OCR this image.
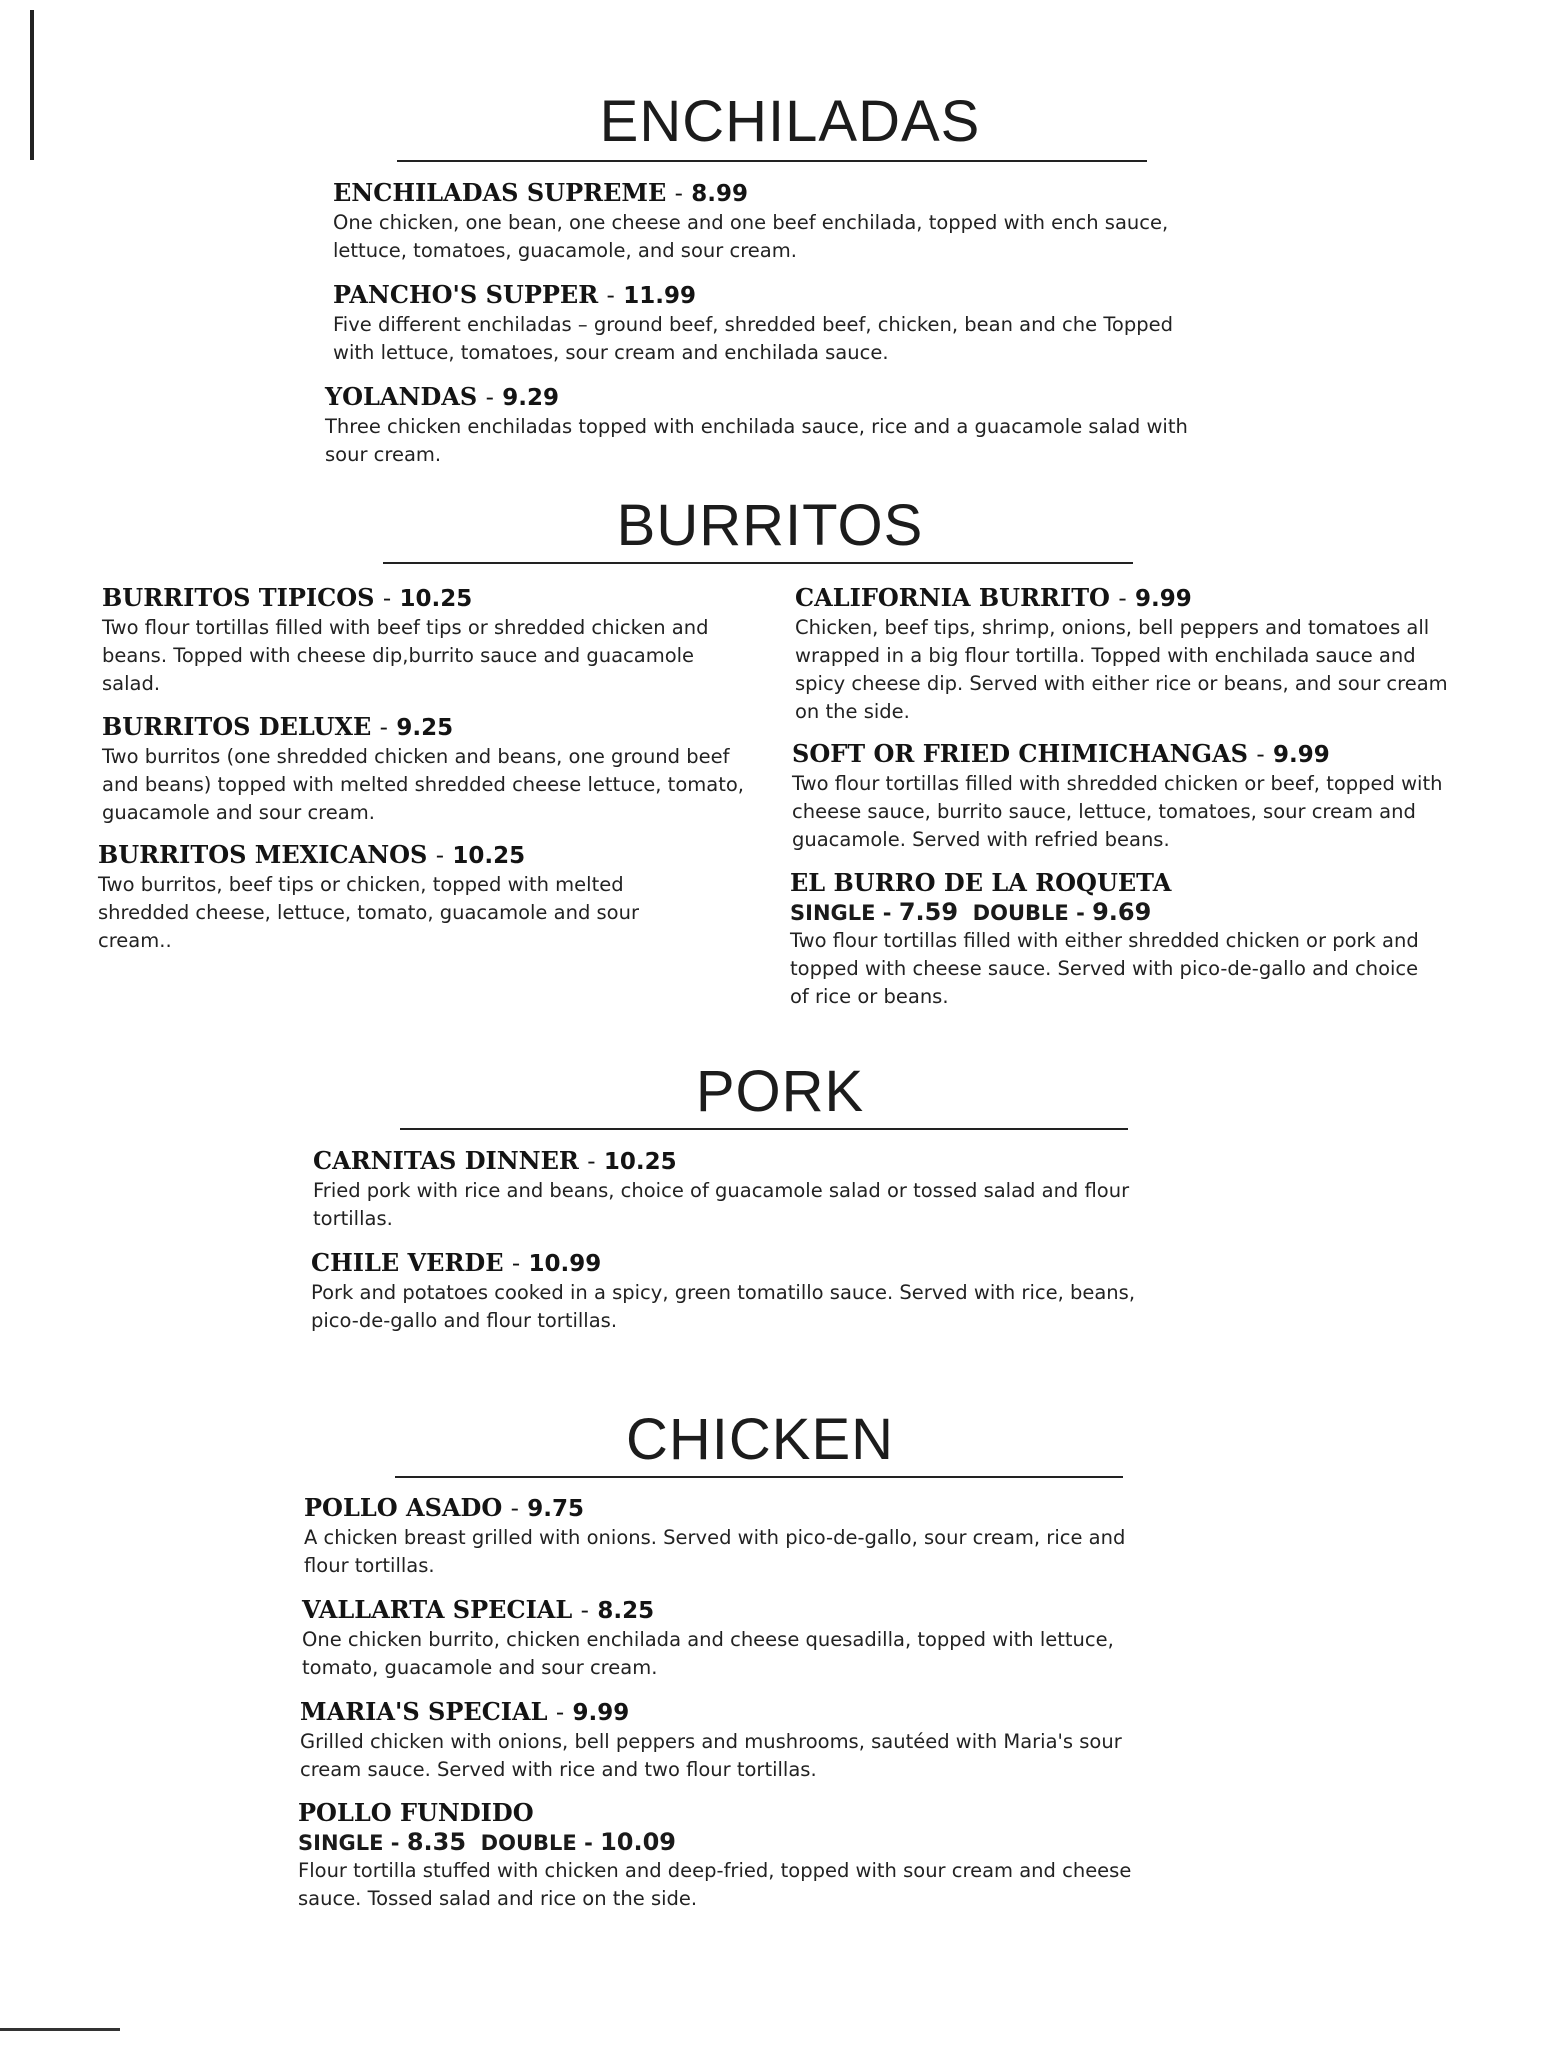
ENCHILADAS
ENCHILADAS SUPREME - 8.99
One chicken, one bean, one cheese and one beef enchilada, topped with ench sauce, lettuce, tomatoes, guacamole, and sour cream.
PANCHO'S SUPPER - 11.99
Five different enchiladas – ground beef, shredded beef, chicken, bean and che Topped with lettuce, tomatoes, sour cream and enchilada sauce.
YOLANDAS - 9.29
Three chicken enchiladas topped with enchilada sauce, rice and a guacamole salad with sour cream.
BURRITOS
BURRITOS TIPICOS - 10.25
Two flour tortillas filled with beef tips or shredded chicken and beans. Topped with cheese dip,burrito sauce and guacamole salad.
BURRITOS DELUXE - 9.25
Two burritos (one shredded chicken and beans, one ground beef and beans) topped with melted shredded cheese lettuce, tomato, guacamole and sour cream.
BURRITOS MEXICANOS - 10.25
Two burritos, beef tips or chicken, topped with melted shredded cheese, lettuce, tomato, guacamole and sour cream..
CALIFORNIA BURRITO - 9.99
Chicken, beef tips, shrimp, onions, bell peppers and tomatoes all wrapped in a big flour tortilla. Topped with enchilada sauce and spicy cheese dip. Served with either rice or beans, and sour cream on the side.
SOFT OR FRIED CHIMICHANGAS - 9.99
Two flour tortillas filled with shredded chicken or beef, topped with cheese sauce, burrito sauce, lettuce, tomatoes, sour cream and guacamole. Served with refried beans.
EL BURRO DE LA ROQUETA
SINGLE - 7.59 DOUBLE - 9.69
Two flour tortillas filled with either shredded chicken or pork and topped with cheese sauce. Served with pico-de-gallo and choice of rice or beans.
PORK
CARNITAS DINNER - 10.25
Fried pork with rice and beans, choice of guacamole salad or tossed salad and flour tortillas.
CHILE VERDE - 10.99
Pork and potatoes cooked in a spicy, green tomatillo sauce. Served with rice, beans, pico-de-gallo and flour tortillas.
CHICKEN
POLLO ASADO - 9.75
A chicken breast grilled with onions. Served with pico-de-gallo, sour cream, rice and flour tortillas.
VALLARTA SPECIAL - 8.25
One chicken burrito, chicken enchilada and cheese quesadilla, topped with lettuce, tomato, guacamole and sour cream.
MARIA'S SPECIAL - 9.99
Grilled chicken with onions, bell peppers and mushrooms, sautéed with Maria's sour cream sauce. Served with rice and two flour tortillas.
POLLO FUNDIDO
SINGLE - 8.35 DOUBLE - 10.09
Flour tortilla stuffed with chicken and deep-fried, topped with sour cream and cheese sauce. Tossed salad and rice on the side.
